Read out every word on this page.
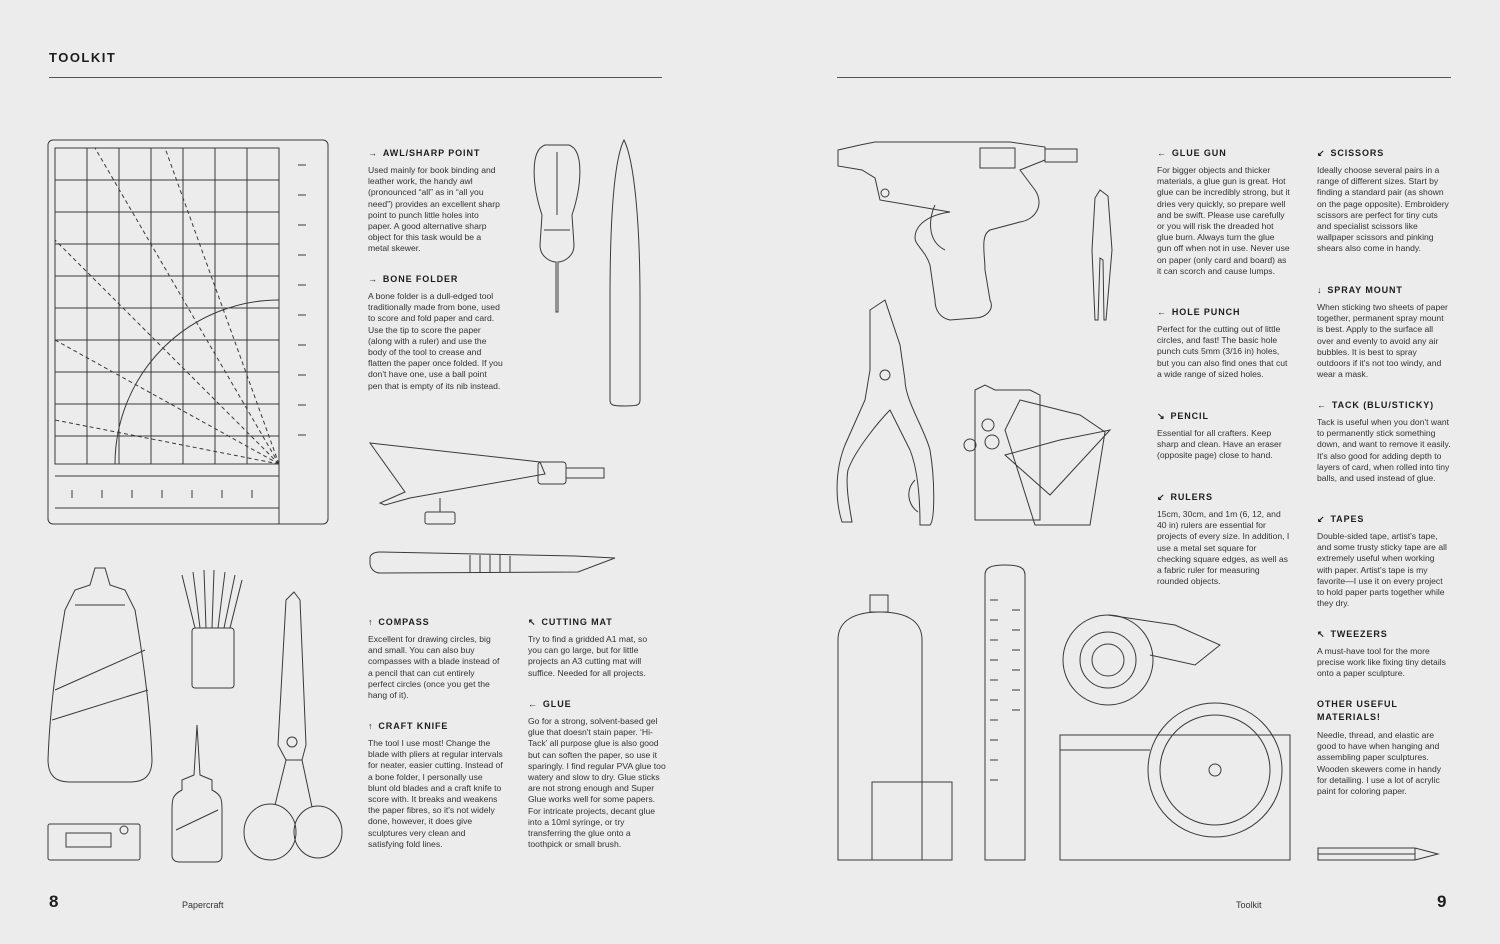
TOOLKIT
→ AWL/SHARP POINT
Used mainly for book binding and leather work, the handy awl (pronounced “all” as in “all you need”) provides an excellent sharp point to punch little holes into paper. A good alternative sharp object for this task would be a metal skewer.
→ BONE FOLDER
A bone folder is a dull-edged tool traditionally made from bone, used to score and fold paper and card. Use the tip to score the paper (along with a ruler) and use the body of the tool to crease and flatten the paper once folded. If you don't have one, use a ball point pen that is empty of its nib instead.
↑ COMPASS
Excellent for drawing circles, big and small. You can also buy compasses with a blade instead of a pencil that can cut entirely perfect circles (once you get the hang of it).
↖ CUTTING MAT
Try to find a gridded A1 mat, so you can go large, but for little projects an A3 cutting mat will suffice. Needed for all projects.
↑ CRAFT KNIFE
The tool I use most! Change the blade with pliers at regular intervals for neater, easier cutting. Instead of a bone folder, I personally use blunt old blades and a craft knife to score with. It breaks and weakens the paper fibres, so it's not widely done, however, it does give sculptures very clean and satisfying fold lines.
← GLUE
Go for a strong, solvent-based gel glue that doesn't stain paper. ‘Hi-Tack’ all purpose glue is also good but can soften the paper, so use it sparingly. I find regular PVA glue too watery and slow to dry. Glue sticks are not strong enough and Super Glue works well for some papers. For intricate projects, decant glue into a 10ml syringe, or try transferring the glue onto a toothpick or small brush.
← GLUE GUN
For bigger objects and thicker materials, a glue gun is great. Hot glue can be incredibly strong, but it dries very quickly, so prepare well and be swift. Please use carefully or you will risk the dreaded hot glue burn. Always turn the glue gun off when not in use. Never use on paper (only card and board) as it can scorch and cause lumps.
← HOLE PUNCH
Perfect for the cutting out of little circles, and fast! The basic hole punch cuts 5mm (3/16 in) holes, but you can also find ones that cut a wide range of sized holes.
↘ PENCIL
Essential for all crafters. Keep sharp and clean. Have an eraser (opposite page) close to hand.
↙ RULERS
15cm, 30cm, and 1m (6, 12, and 40 in) rulers are essential for projects of every size. In addition, I use a metal set square for checking square edges, as well as a fabric ruler for measuring rounded objects.
↙ SCISSORS
Ideally choose several pairs in a range of different sizes. Start by finding a standard pair (as shown on the page opposite). Embroidery scissors are perfect for tiny cuts and specialist scissors like wallpaper scissors and pinking shears also come in handy.
↓ SPRAY MOUNT
When sticking two sheets of paper together, permanent spray mount is best. Apply to the surface all over and evenly to avoid any air bubbles. It is best to spray outdoors if it's not too windy, and wear a mask.
← TACK (BLU/STICKY)
Tack is useful when you don't want to permanently stick something down, and want to remove it easily. It's also good for adding depth to layers of card, when rolled into tiny balls, and used instead of glue.
↙ TAPES
Double-sided tape, artist's tape, and some trusty sticky tape are all extremely useful when working with paper. Artist's tape is my favorite—I use it on every project to hold paper parts together while they dry.
↖ TWEEZERS
A must-have tool for the more precise work like fixing tiny details onto a paper sculpture.
OTHER USEFUL MATERIALS!
Needle, thread, and elastic are good to have when hanging and assembling paper sculptures. Wooden skewers come in handy for detailing. I use a lot of acrylic paint for coloring paper.
8	Papercraft	Toolkit	9
